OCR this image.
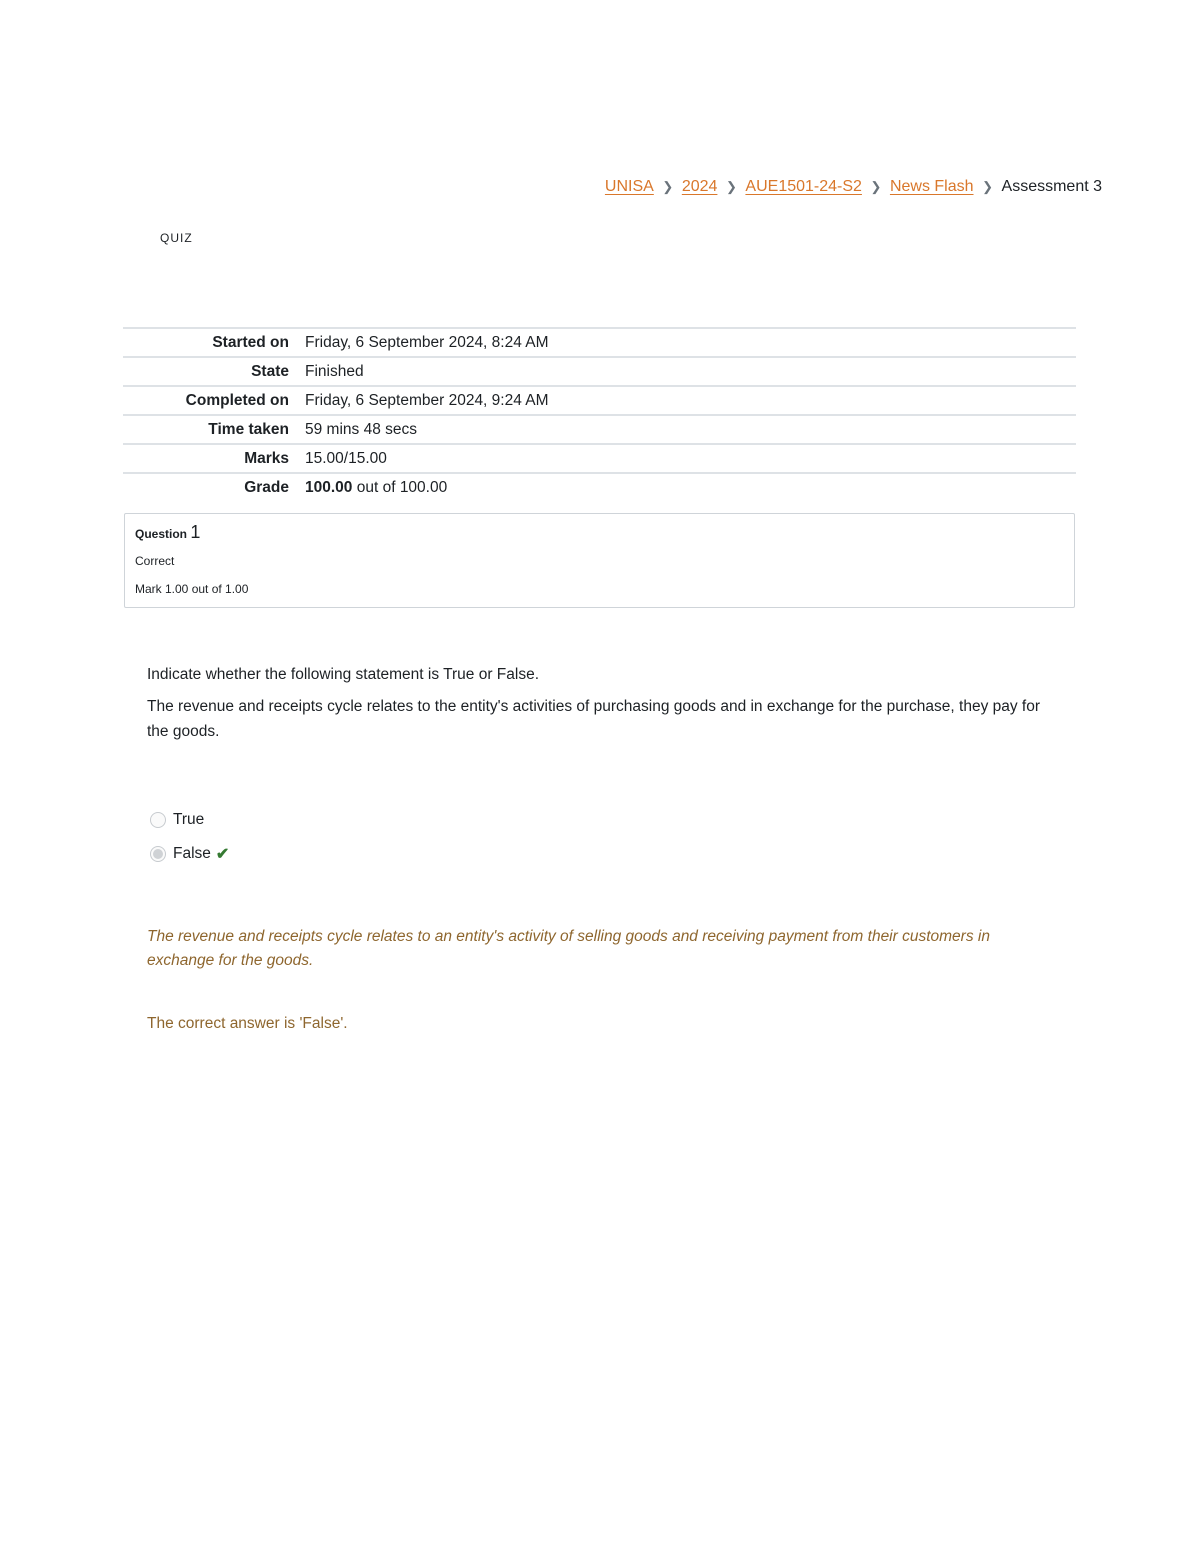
UNISA ❯ 2024 ❯ AUE1501-24-S2 ❯ News Flash ❯ Assessment 3
QUIZ
Started on	Friday, 6 September 2024, 8:24 AM
State	Finished
Completed on	Friday, 6 September 2024, 9:24 AM
Time taken	59 mins 48 secs
Marks	15.00/15.00
Grade	100.00 out of 100.00
Question 1
Correct
Mark 1.00 out of 1.00

Indicate whether the following statement is True or False.

The revenue and receipts cycle relates to the entity's activities of purchasing goods and in exchange for the purchase, they pay for the goods.

True
False ✔
The revenue and receipts cycle relates to an entity's activity of selling goods and receiving payment from their customers in exchange for the goods.
The correct answer is 'False'.
